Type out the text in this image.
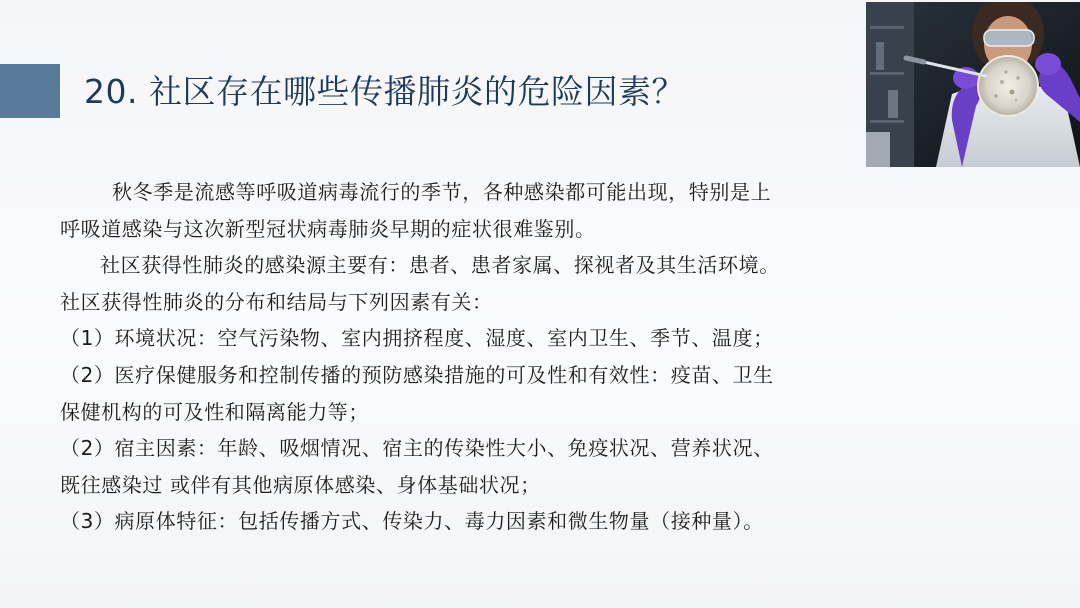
20. 社区存在哪些传播肺炎的危险因素？
秋冬季是流感等呼吸道病毒流行的季节，各种感染都可能出现，特别是上
呼吸道感染与这次新型冠状病毒肺炎早期的症状很难鉴别。
社区获得性肺炎的感染源主要有：患者、患者家属、探视者及其生活环境。
社区获得性肺炎的分布和结局与下列因素有关：
（1）环境状况：空气污染物、室内拥挤程度、湿度、室内卫生、季节、温度；
（2）医疗保健服务和控制传播的预防感染措施的可及性和有效性：疫苗、卫生
保健机构的可及性和隔离能力等；
（2）宿主因素：年龄、吸烟情况、宿主的传染性大小、免疫状况、营养状况、
既往感染过 或伴有其他病原体感染、身体基础状况；
（3）病原体特征：包括传播方式、传染力、毒力因素和微生物量（接种量）。
